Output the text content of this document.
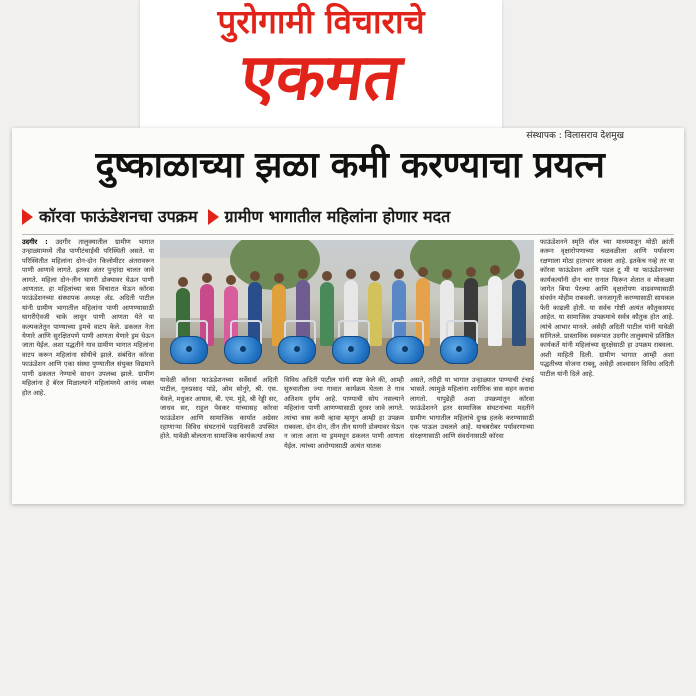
पुरोगामी विचाराचे
एकमत
संस्थापक : विलासराव देशमुख
दुष्काळाच्या झळा कमी करण्याचा प्रयत्न
कॉरवा फाऊंडेशनचा उपक्रम ग्रामीण भागातील महिलांना होणार मदत
उदगीर : उदगीर तालुक्यातील ग्रामीण भागात उन्हाळ्यामध्ये तीव्र पाणीटंचाईची परिस्थिती असते. या परिस्थितीत महिलांना दोन-दोन किलोमीटर अंतरावरून पाणी आणावे लागते. इतका अंतर पुन्हांदा चालत जावे लागते. महिला दोन-तीन घागरी डोक्यावर घेऊन पाणी आणतात. हा महिलांच्या त्रास विचारात घेऊन कॉरवा फाऊंडेशनच्या संस्थापक अध्यक्ष ॲड. अदिती पाटील यांनी ग्रामीण भागातील महिलांना पाणी आणण्यासाठी घागरीऐवजी चाके लावून पाणी आणता येते या कल्पकतेतून पाण्याच्या ड्रमचे वाटप केले. ढकलत नेता येणारे आणि सुरक्षितपणे पाणी आणता येणारे ड्रम घेऊन जाता येईल. अशा पद्धतीने गाव ग्रामीण भागात महिलांना वाटप करून महिलांना सोयीचे झाले. संबंधित कॉरवा फाऊंडेशन आणि एका संस्था पुण्यातील संयुक्त विद्यमाने पाणी ढकलत नेण्याचे साधन उपलब्ध झाले. ग्रामीण महिलांना हे बॅरल मिळाल्याने महिलांमध्ये आनंद व्यक्त होत आहे.
यावेळी कॉरवा फाऊंडेशनच्या सर्वेसर्वा अदिती पाटील, गुरुप्रसाद पांडे, ओम सोनुरे, श्री. एस. येवले, मधुकर आघाव, बी. एम. मुंडे, श्री रेड्डी सर, जाधव सर, राहुल पेवकर यांच्यासह कॉरवा फाऊंडेशन आणि सामाजिक कार्यात अग्रेसर रहाणाऱ्या विविध संघटनांचे पदाधिकारी उपस्थित होते. यावेळी बोलताना सामाजिक कार्यकर्त्या तथा
विविध अदिती पाटील यांनी स्पष्ट केले की, आम्ही सुरुवातीला ज्या गावात कार्यक्रम घेतला ते गाव अतिशय दुर्गम आहे. पाण्याची सोय नसल्याने महिलांना पाणी आणण्यासाठी दूरवर जावे लागते. त्यांचा त्रास कमी व्हावा म्हणून आम्ही हा उपक्रम राबवला. दोन दोन, तीन तीन घागरी डोक्यावर घेऊन न जाता आता या ड्रममधून ढकलत पाणी आणता येईल. त्यांच्या आरोग्यासाठी अत्यंत घातक
असते, तरीही या भागात उन्हाळ्यात पाण्याची टंचाई भासते. त्यामुळे महिलांना शारीरिक त्रास सहन करावा लागतो. यापुढेही अशा उपक्रमांतून कॉरवा फाऊंडेशनने इतर सामाजिक संघटनांच्या मदतीने ग्रामीण भागातील महिलांचे दुःख हलके करण्यासाठी एक पाऊल उचलले आहे. याचबरोबर पर्यावरणाच्या संरक्षणासाठी आणि संवर्धनासाठी कॉरवा
फाऊंडेशनने स्मृति वॉल च्या माध्यमातून मोठी क्रांती करून वृक्षारोपणाच्या चळवळीला आणि पर्यावरण रक्षणाला मोठा हातभार लावला आहे. इतकेच नव्हे तर या कॉरवा फाऊंडेशन आणि पडल टू मी या फाऊंडेशनच्या कार्यकर्त्यांनी दोन चार रानात फिरून शेतात व मोकळ्या जागेत बिया पेरल्या आणि वृक्षारोपण वाढवण्यासाठी संवर्धन मोहीम राबवली. जनजागृती करण्यासाठी सायकल फेरी काढली होती. या सर्वच गोष्टी अत्यंत कौतुकास्पद आहेत. या सामाजिक उपक्रमाचे सर्वत्र कौतुक होत आहे. त्यांचे आभार मानले. असेही अदिती पाटील यांनी यावेळी सांगितले. प्रास्ताविक स्वरूपात उदगीर तालुक्याचे प्रतिष्ठित कार्यकर्ते यांनी महिलांच्या सुरक्षेसाठी हा उपक्रम राबवला. अशी माहिती दिली. ग्रामीण भागात आम्ही अशा पद्धतीच्या योजना राबवू, असेही आश्वासन विविध अदिती पाटील यांनी दिले आहे.
